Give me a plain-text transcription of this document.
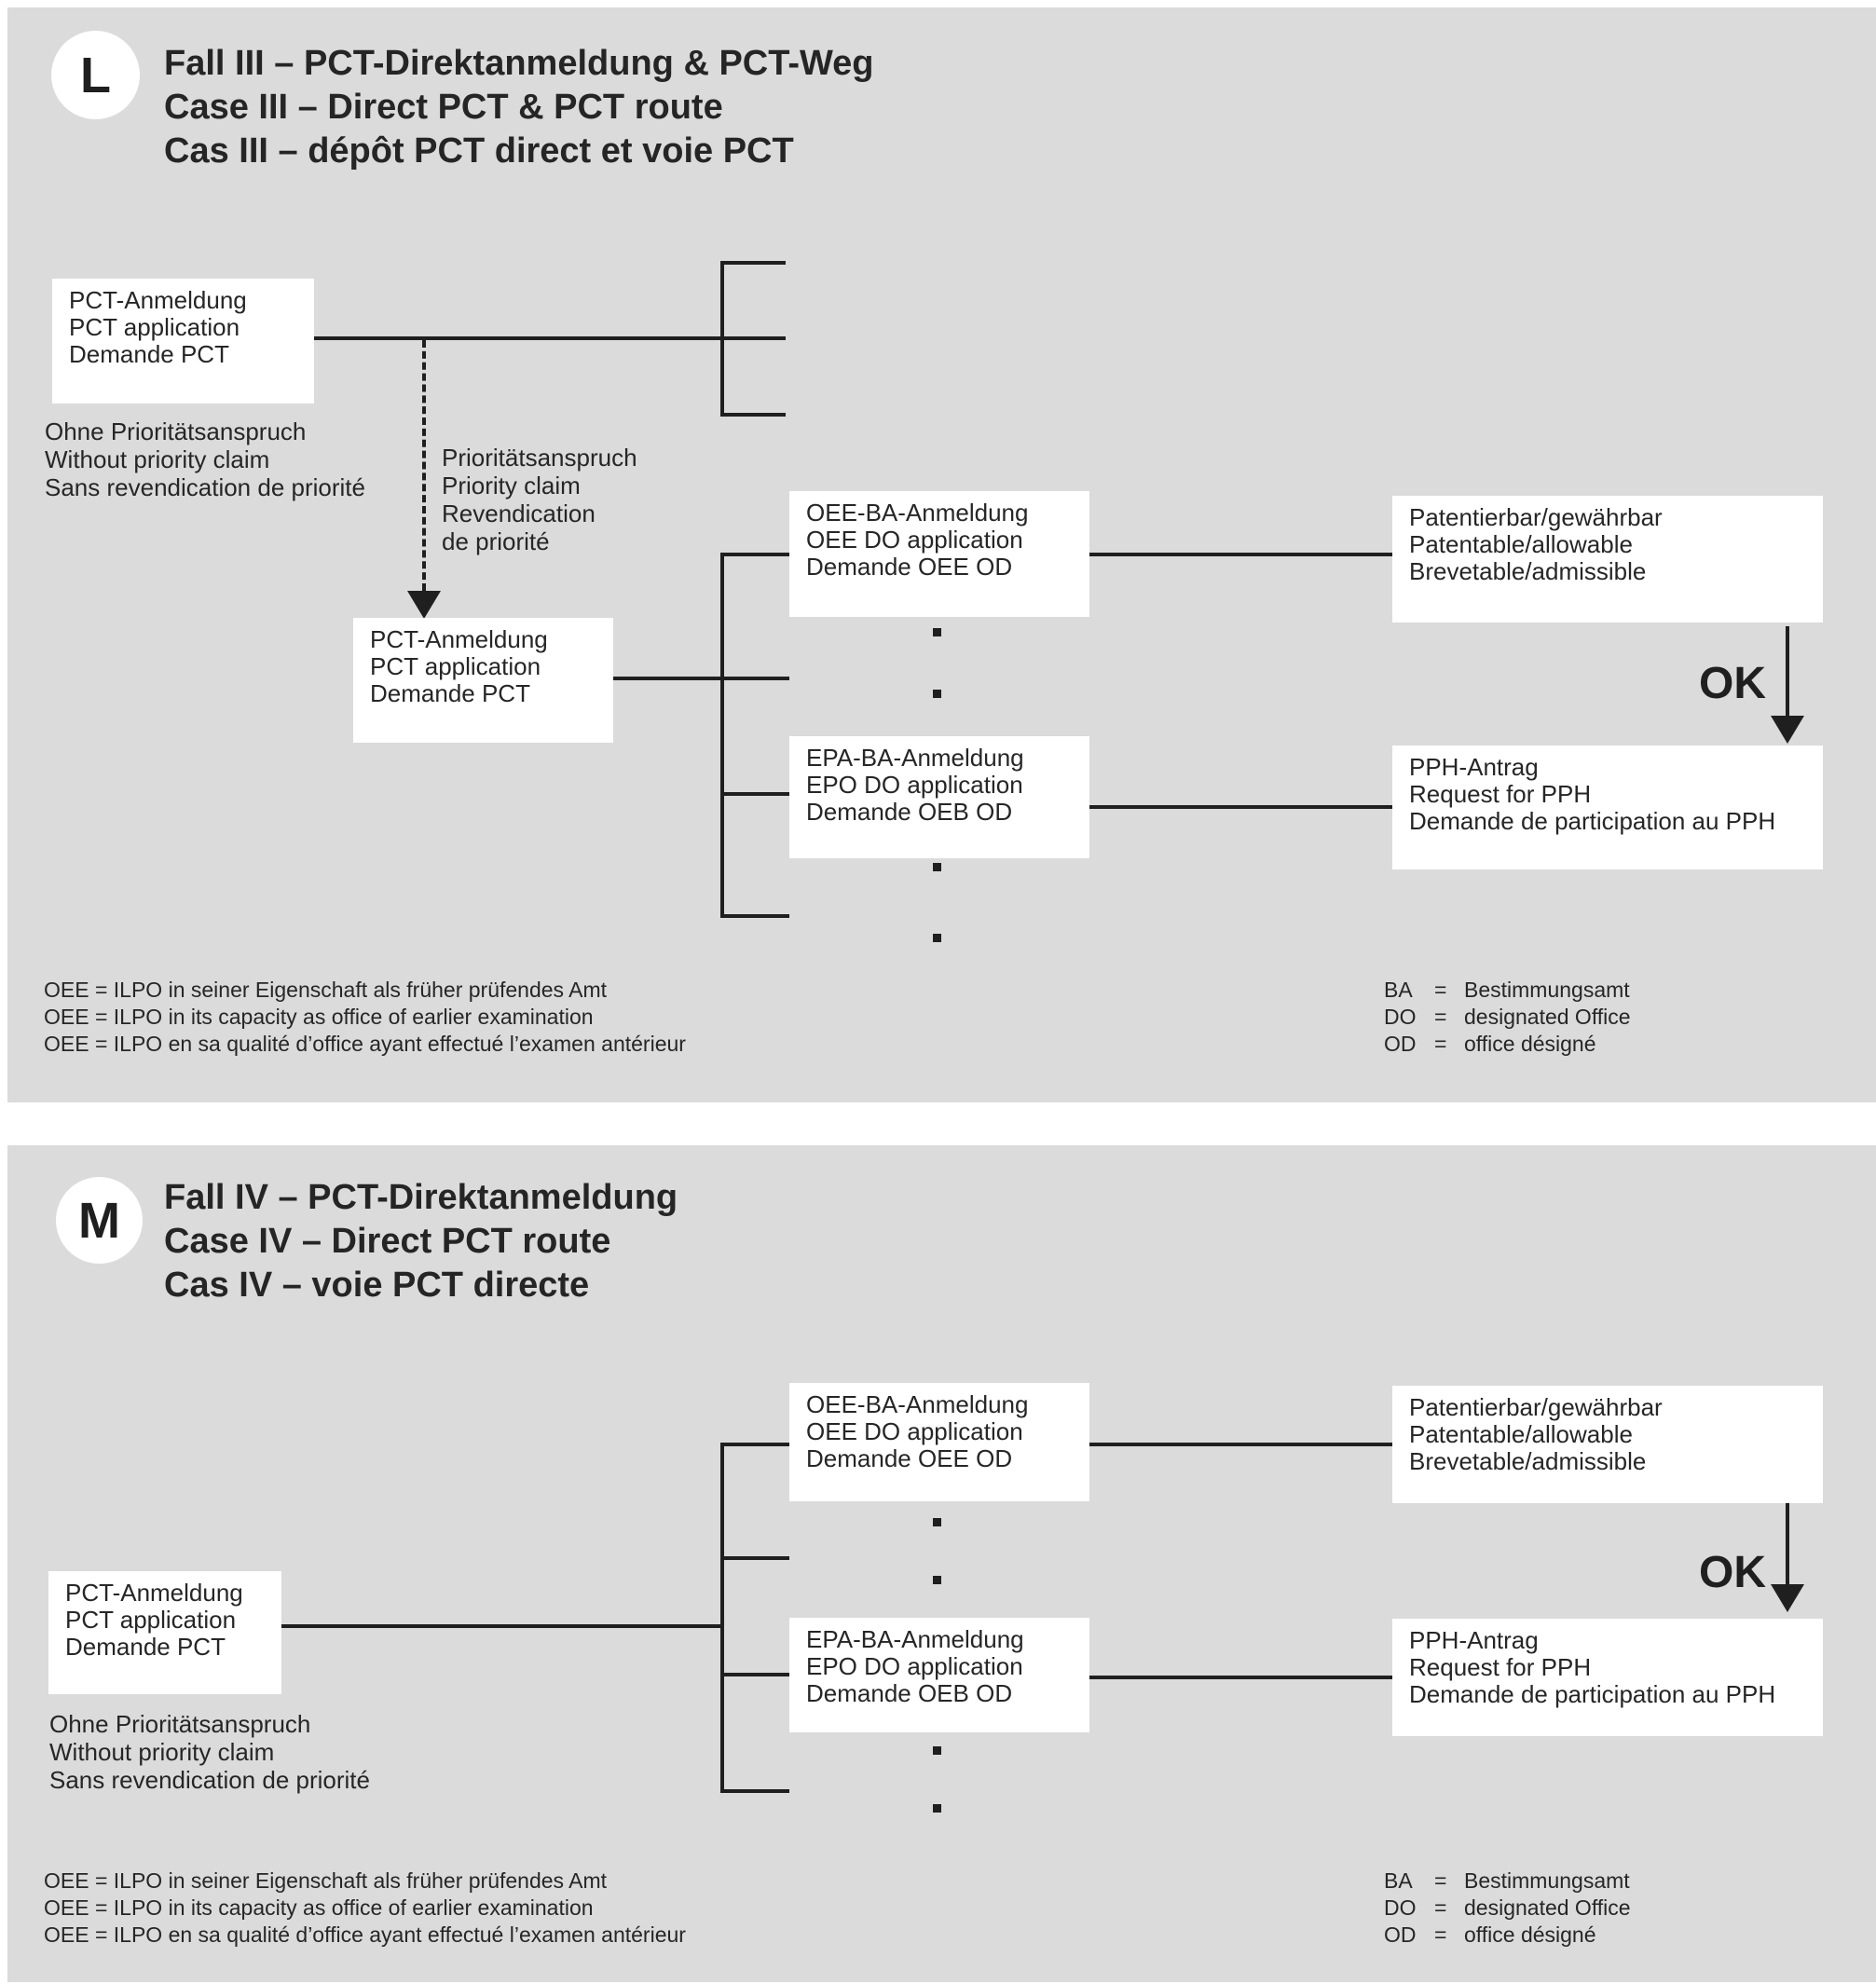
L Fall III – PCT-Direktanmeldung & PCT-Weg
Case III – Direct PCT & PCT route
Cas III – dépôt PCT direct et voie PCT
PCT-Anmeldung
PCT application
Demande PCT
Ohne Prioritätsanspruch
Without priority claim
Sans revendication de priorité
Prioritätsanspruch
Priority claim
Revendication
de priorité
PCT-Anmeldung
PCT application
Demande PCT
OEE-BA-Anmeldung
OEE DO application
Demande OEE OD
EPA-BA-Anmeldung
EPO DO application
Demande OEB OD
Patentierbar/gewährbar
Patentable/allowable
Brevetable/admissible
OK
PPH-Antrag
Request for PPH
Demande de participation au PPH
OEE = ILPO in seiner Eigenschaft als früher prüfendes Amt
OEE = ILPO in its capacity as office of earlier examination
OEE = ILPO en sa qualité d’office ayant effectué l’examen antérieur
BA	= Bestimmungsamt
DO = designated Office
OD = office désigné
M Fall IV – PCT-Direktanmeldung
Case IV – Direct PCT route
Cas IV – voie PCT directe
PCT-Anmeldung
PCT application
Demande PCT
Ohne Prioritätsanspruch
Without priority claim
Sans revendication de priorité
OEE-BA-Anmeldung
OEE DO application
Demande OEE OD
EPA-BA-Anmeldung
EPO DO application
Demande OEB OD
Patentierbar/gewährbar
Patentable/allowable
Brevetable/admissible
OK
PPH-Antrag
Request for PPH
Demande de participation au PPH
OEE = ILPO in seiner Eigenschaft als früher prüfendes Amt
OEE = ILPO in its capacity as office of earlier examination
OEE = ILPO en sa qualité d’office ayant effectué l’examen antérieur
BA	= Bestimmungsamt
DO = designated Office
OD = office désigné
